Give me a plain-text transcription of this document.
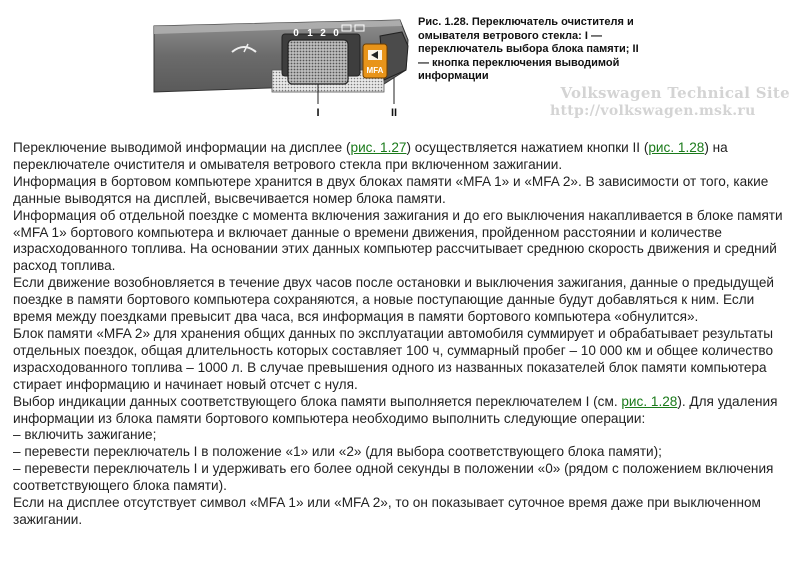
MFA
0 1 2 0
I	II
Рис. 1.28. Переключатель очистителя и омывателя ветрового стекла: I — переключатель выбора блока памяти; II — кнопка переключения выводимой информации
Volkswagen Technical Site
http://volkswagen.msk.ru

Переключение выводимой информации на дисплее (рис. 1.27) осуществляется нажатием кнопки II (рис. 1.28) на переключателе очистителя и омывателя ветрового стекла при включенном зажигании.

Информация в бортовом компьютере хранится в двух блоках памяти «MFA 1» и «MFA 2». В зависимости от того, какие данные выводятся на дисплей, высвечивается номер блока памяти.

Информация об отдельной поездке с момента включения зажигания и до его выключения накапливается в блоке памяти «MFA 1» бортового компьютера и включает данные о времени движения, пройденном расстоянии и количестве израсходованного топлива. На основании этих данных компьютер рассчитывает среднюю скорость движения и средний расход топлива.

Если движение возобновляется в течение двух часов после остановки и выключения зажигания, данные о предыдущей поездке в памяти бортового компьютера сохраняются, а новые поступающие данные будут добавляться к ним. Если время между поездками превысит два часа, вся информация в памяти бортового компьютера «обнулится».

Блок памяти «MFA 2» для хранения общих данных по эксплуатации автомобиля суммирует и обрабатывает результаты отдельных поездок, общая длительность которых составляет 100 ч, суммарный пробег – 10 000 км и общее количество израсходованного топлива – 1000 л. В случае превышения одного из названных показателей блок памяти компьютера стирает информацию и начинает новый отсчет с нуля.

Выбор индикации данных соответствующего блока памяти выполняется переключателем I (см. рис. 1.28). Для удаления информации из блока памяти бортового компьютера необходимо выполнить следующие операции:

– включить зажигание;

– перевести переключатель I в положение «1» или «2» (для выбора соответствующего блока памяти);

– перевести переключатель I и удерживать его более одной секунды в положении «0» (рядом с положением включения соответствующего блока памяти).

Если на дисплее отсутствует символ «MFA 1» или «MFA 2», то он показывает суточное время даже при выключенном зажигании.
